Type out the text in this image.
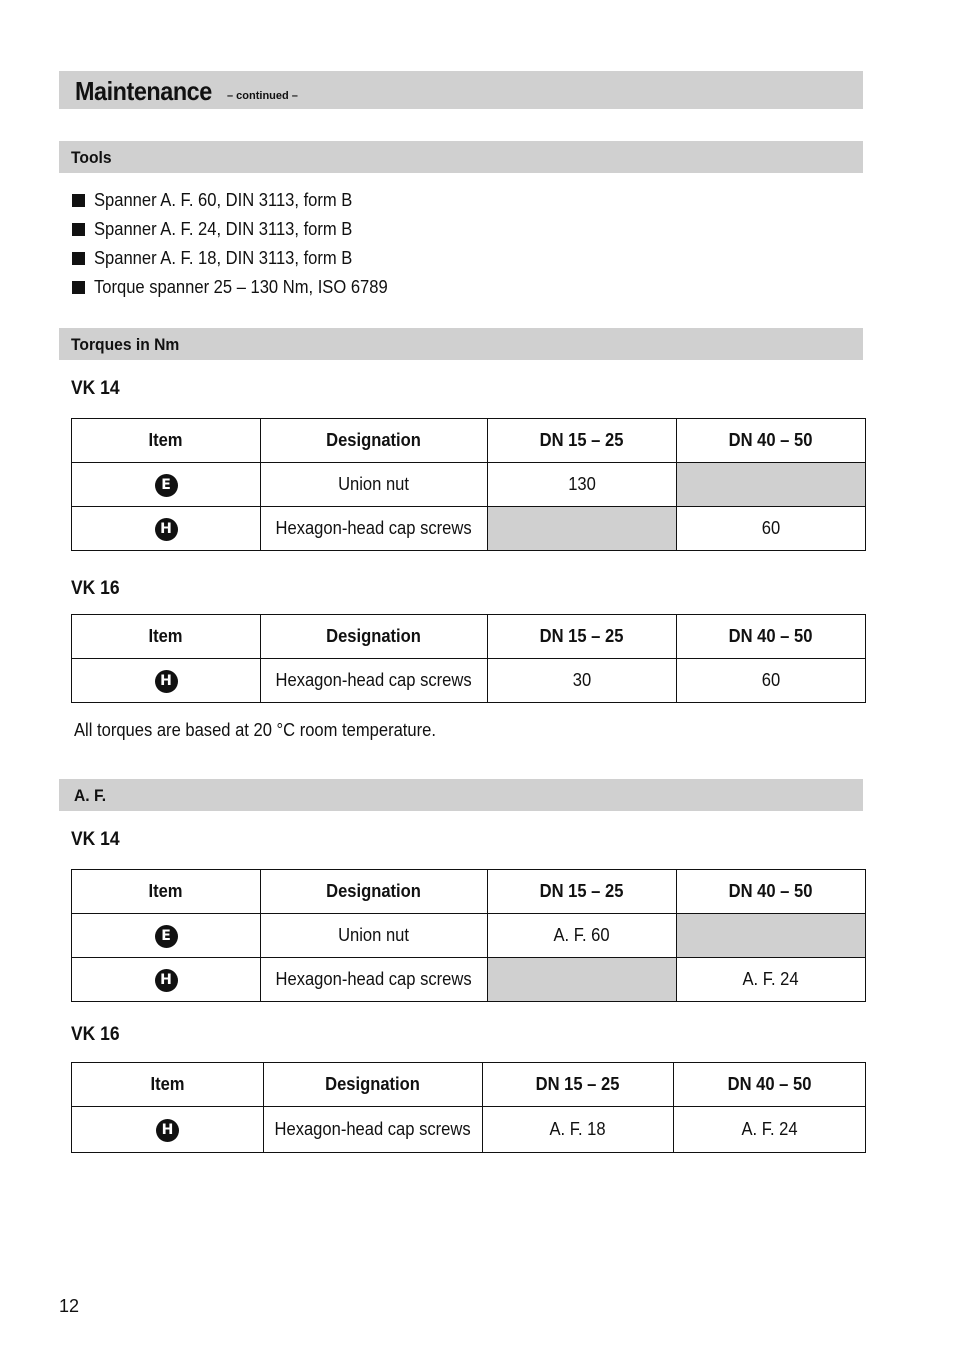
Maintenance – continued –
Tools
Spanner A. F. 60, DIN 3113, form B
Spanner A. F. 24, DIN 3113, form B
Spanner A. F. 18, DIN 3113, form B
Torque spanner 25 – 130 Nm, ISO 6789
Torques in Nm
VK 14
Item	Designation	DN 15 – 25	DN 40 – 50
E	Union nut	130	
H	Hexagon-head cap screws		60
VK 16
Item	Designation	DN 15 – 25	DN 40 – 50
H	Hexagon-head cap screws	30	60
All torques are based at 20 °C room temperature.
A. F.
VK 14
Item	Designation	DN 15 – 25	DN 40 – 50
E	Union nut	A. F. 60	
H	Hexagon-head cap screws		A. F. 24
VK 16
Item	Designation	DN 15 – 25	DN 40 – 50
H	Hexagon-head cap screws	A. F. 18	A. F. 24
12
